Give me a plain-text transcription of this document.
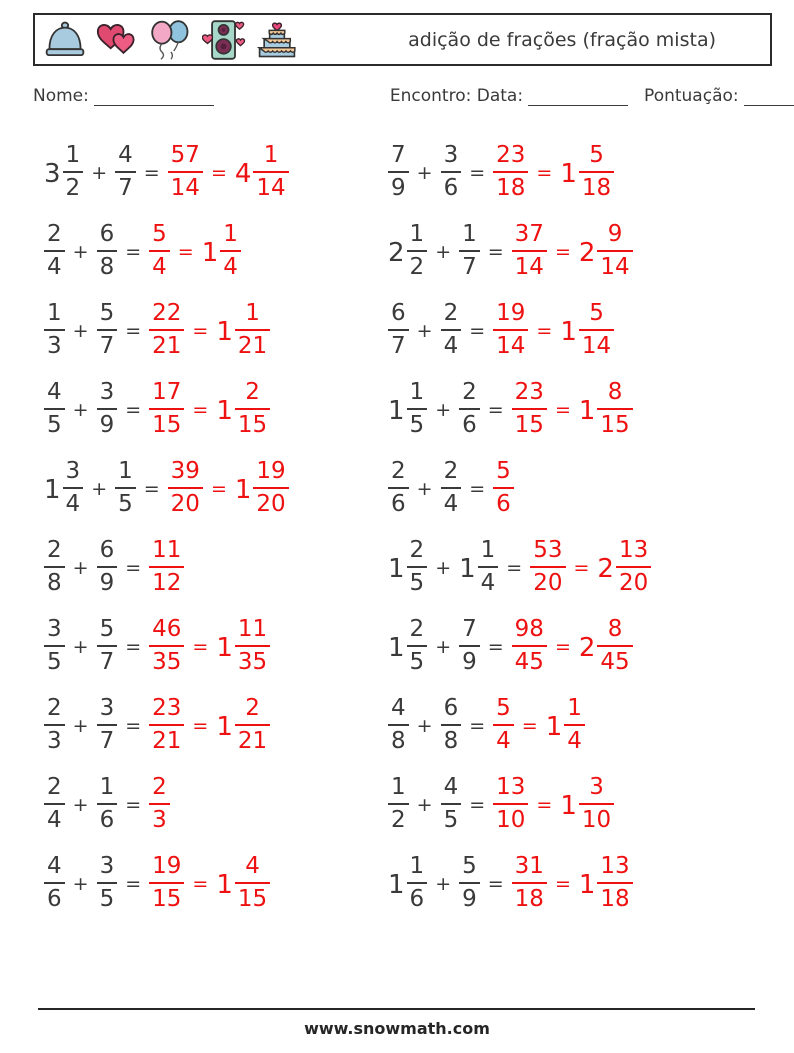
adição de frações (fração mista)
Nome:	Encontro: Data:	Pontuação:
$3 \frac{1}{2} + \frac{4}{7} = \frac{57}{14} = 4 \frac{1}{14}$
$\frac{2}{4} + \frac{6}{8} = \frac{5}{4} = 1 \frac{1}{4}$
$\frac{1}{3} + \frac{5}{7} = \frac{22}{21} = 1 \frac{1}{21}$
$\frac{4}{5} + \frac{3}{9} = \frac{17}{15} = 1 \frac{2}{15}$
$1 \frac{3}{4} + \frac{1}{5} = \frac{39}{20} = 1 \frac{19}{20}$
$\frac{2}{8} + \frac{6}{9} = \frac{11}{12}$
$\frac{3}{5} + \frac{5}{7} = \frac{46}{35} = 1 \frac{11}{35}$
$\frac{2}{3} + \frac{3}{7} = \frac{23}{21} = 1 \frac{2}{21}$
$\frac{2}{4} + \frac{1}{6} = \frac{2}{3}$
$\frac{4}{6} + \frac{3}{5} = \frac{19}{15} = 1 \frac{4}{15}$
$\frac{7}{9} + \frac{3}{6} = \frac{23}{18} = 1 \frac{5}{18}$
$2 \frac{1}{2} + \frac{1}{7} = \frac{37}{14} = 2 \frac{9}{14}$
$\frac{6}{7} + \frac{2}{4} = \frac{19}{14} = 1 \frac{5}{14}$
$1 \frac{1}{5} + \frac{2}{6} = \frac{23}{15} = 1 \frac{8}{15}$
$\frac{2}{6} + \frac{2}{4} = \frac{5}{6}$
$1 \frac{2}{5} + 1 \frac{1}{4} = \frac{53}{20} = 2 \frac{13}{20}$
$1 \frac{2}{5} + \frac{7}{9} = \frac{98}{45} = 2 \frac{8}{45}$
$\frac{4}{8} + \frac{6}{8} = \frac{5}{4} = 1 \frac{1}{4}$
$\frac{1}{2} + \frac{4}{5} = \frac{13}{10} = 1 \frac{3}{10}$
$1 \frac{1}{6} + \frac{5}{9} = \frac{31}{18} = 1 \frac{13}{18}$
www.snowmath.com
